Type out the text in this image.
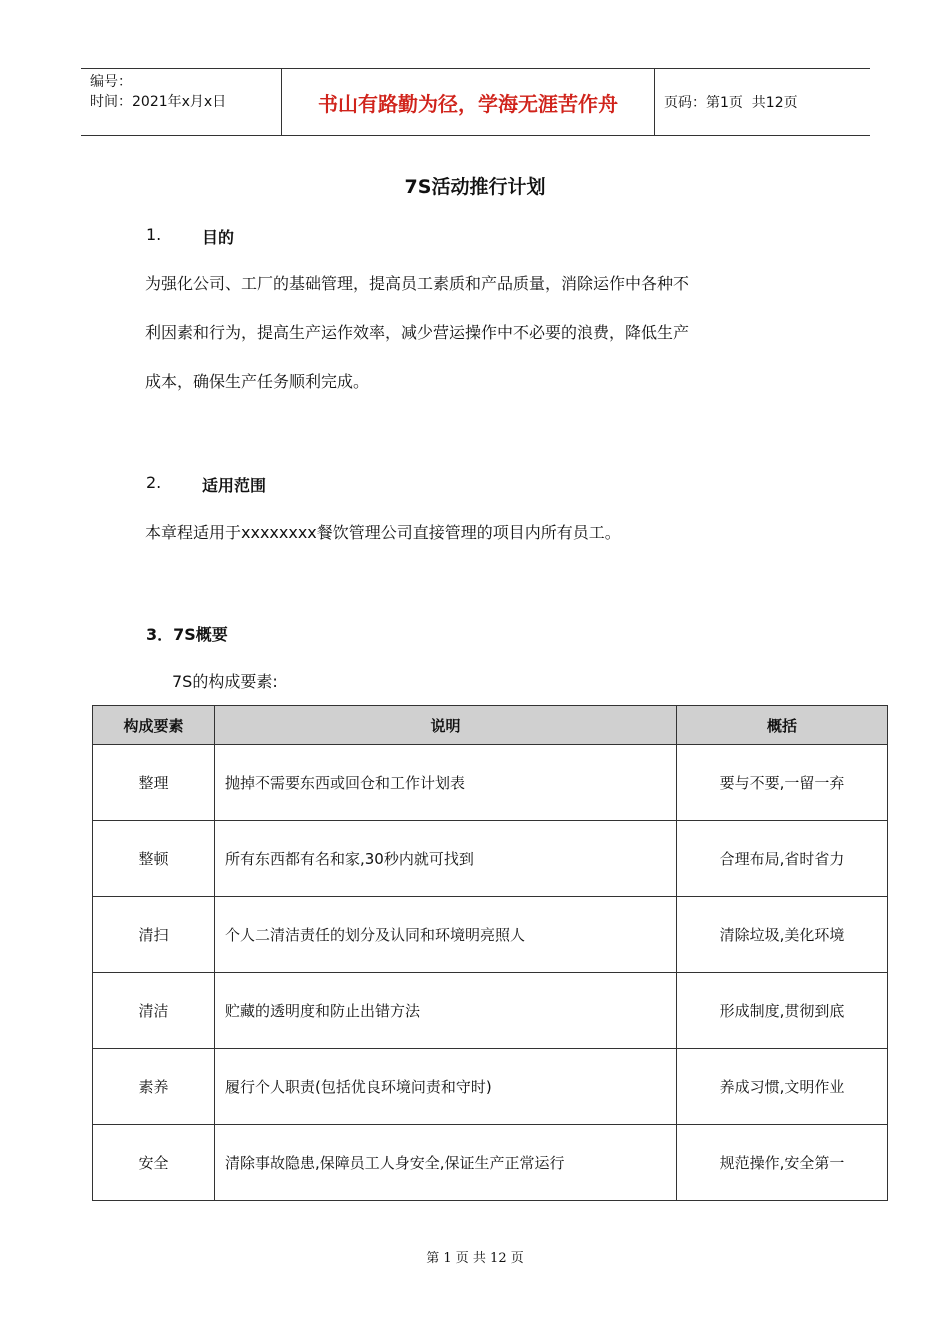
编号：
时间：2021年x月x日	书山有路勤为径，学海无涯苦作舟	页码：第1页  共12页
7S活动推行计划
1.	目的
为强化公司、工厂的基础管理，提高员工素质和产品质量，消除运作中各种不
利因素和行为，提高生产运作效率，减少营运操作中不必要的浪费，降低生产
成本，确保生产任务顺利完成。
2.	适用范围
本章程适用于xxxxxxxx餐饮管理公司直接管理的项目内所有员工。
3．7S概要
7S的构成要素:
构成要素	说明	概括
整理	抛掉不需要东西或回仓和工作计划表	要与不要,一留一弃
整顿	所有东西都有名和家,30秒内就可找到	合理布局,省时省力
清扫	个人二清洁责任的划分及认同和环境明亮照人	清除垃圾,美化环境
清洁	贮藏的透明度和防止出错方法	形成制度,贯彻到底
素养	履行个人职责(包括优良环境问责和守时)	养成习惯,文明作业
安全	清除事故隐患,保障员工人身安全,保证生产正常运行	规范操作,安全第一
第 1 页 共 12 页
